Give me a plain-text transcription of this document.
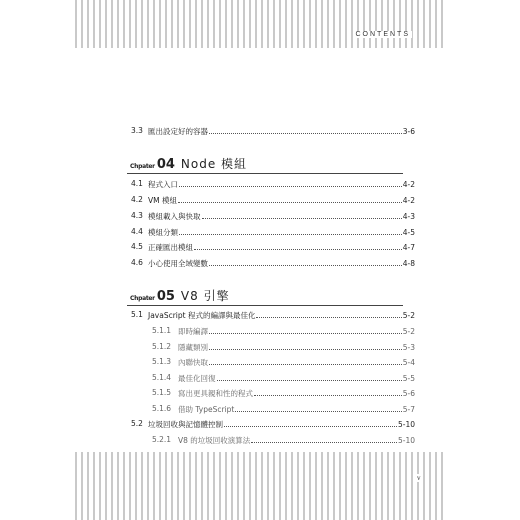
CONTENTS
3.3 匯出設定好的容器	3-6
Chpater 04 Node 模組
4.1 程式入口	4-2
4.2 VM 模組	4-2
4.3 模組載入與快取	4-3
4.4 模組分類	4-5
4.5 正確匯出模組	4-7
4.6 小心使用全域變數	4-8
Chpater 05 V8 引擎
5.1 JavaScript 程式的編譯與最佳化	5-2
5.1.1 即時編譯	5-2
5.1.2 隱藏類別	5-3
5.1.3 內聯快取	5-4
5.1.4 最佳化回復	5-5
5.1.5 寫出更具親和性的程式	5-6
5.1.6 借助 TypeScript	5-7
5.2 垃圾回收與記憶體控制	5-10
5.2.1 V8 的垃圾回收演算法	5-10
v
